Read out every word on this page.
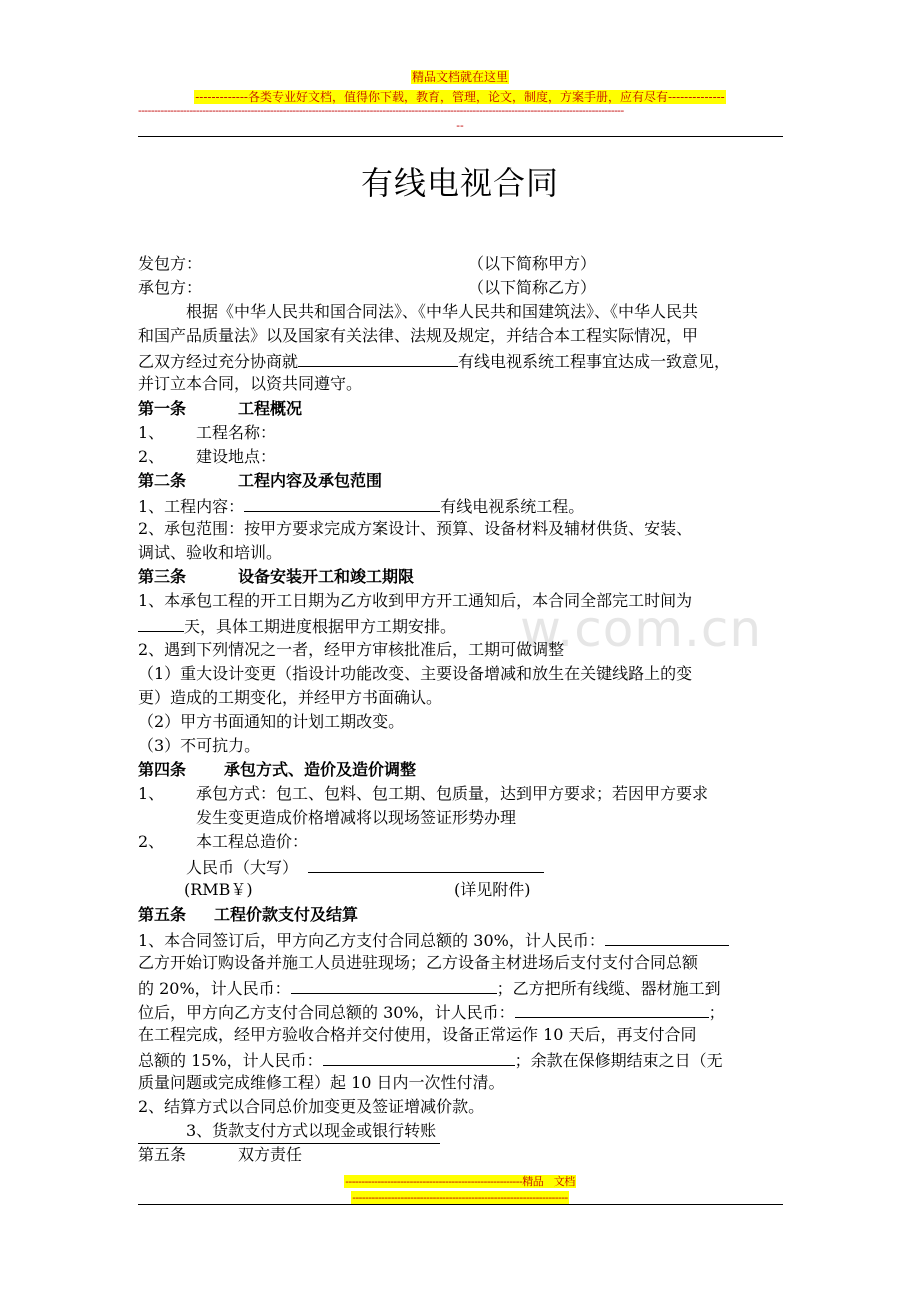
精品文档就在这里
-------------各类专业好文档，值得你下载，教育，管理，论文，制度，方案手册，应有尽有--------------
-------------------------------------------------------------------------------------------------------------------------------------------------------
--
w.com.cn
有线电视合同
发包方：	（以下简称甲方）
承包方：	（以下简称乙方）
根据《中华人民共和国合同法》、《中华人民共和国建筑法》、《中华人民共
和国产品质量法》以及国家有关法律、法规及规定，并结合本工程实际情况，甲
乙双方经过充分协商就	有线电视系统工程事宜达成一致意见，
并订立本合同，以资共同遵守。
第一条	工程概况
1、 工程名称：
2、 建设地点：
第二条	工程内容及承包范围
1、工程内容：	有线电视系统工程。
2、承包范围：按甲方要求完成方案设计、预算、设备材料及辅材供货、安装、
调试、验收和培训。
第三条	设备安装开工和竣工期限
1、本承包工程的开工日期为乙方收到甲方开工通知后，本合同全部完工时间为
天，具体工期进度根据甲方工期安排。
2、遇到下列情况之一者，经甲方审核批准后，工期可做调整
（1）重大设计变更（指设计功能改变、主要设备增减和放生在关键线路上的变
更）造成的工期变化，并经甲方书面确认。
（2）甲方书面通知的计划工期改变。
（3）不可抗力。
第四条 承包方式、造价及造价调整
1、 承包方式：包工、包料、包工期、包质量，达到甲方要求；若因甲方要求
发生变更造成价格增减将以现场签证形势办理
2、 本工程总造价：
人民币（大写）
(RMB￥)	(详见附件)
第五条 工程价款支付及结算
1、本合同签订后，甲方向乙方支付合同总额的 30%，计人民币：
乙方开始订购设备并施工人员进驻现场；乙方设备主材进场后支付支付合同总额
的 20%，计人民币：	；乙方把所有线缆、器材施工到
位后，甲方向乙方支付合同总额的 30%，计人民币：	；
在工程完成，经甲方验收合格并交付使用，设备正常运作 10 天后，再支付合同
总额的 15%，计人民币：	；余款在保修期结束之日（无
质量问题或完成维修工程）起 10 日内一次性付清。
2、结算方式以合同总价加变更及签证增减价款。
3、货款支付方式以现金或银行转账
第五条	双方责任
-------------------------------------------------------精品　文档
-------------------------------------------------------------------
